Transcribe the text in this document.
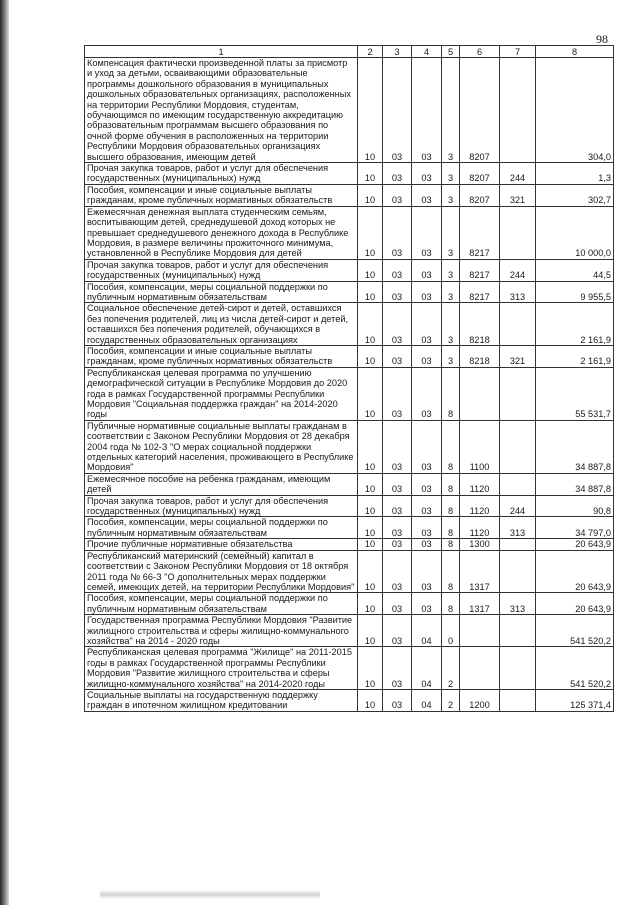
98
1	2	3	4	5	6	7	8
Компенсация фактически произведенной платы за присмотр и уход за детьми, осваивающими образовательные программы дошкольного образования в муниципальных дошкольных образовательных организациях, расположенных на территории Республики Мордовия, студентам, обучающимся по имеющим государственную аккредитацию образовательным программам высшего образования по очной форме обучения в расположенных на территории Республики Мордовия образовательных организациях высшего образования, имеющим детей	10	03	03	3	8207		304,0
Прочая закупка товаров, работ и услуг для обеспечения государственных (муниципальных) нужд	10	03	03	3	8207	244	1,3
Пособия, компенсации и иные социальные выплаты гражданам, кроме публичных нормативных обязательств	10	03	03	3	8207	321	302,7
Ежемесячная денежная выплата студенческим семьям, воспитывающим детей, среднедушевой доход которых не превышает среднедушевого денежного дохода в Республике Мордовия, в размере величины прожиточного минимума, установленной в Республике Мордовия для детей	10	03	03	3	8217		10 000,0
Прочая закупка товаров, работ и услуг для обеспечения государственных (муниципальных) нужд	10	03	03	3	8217	244	44,5
Пособия, компенсации, меры социальной поддержки по публичным нормативным обязательствам	10	03	03	3	8217	313	9 955,5
Социальное обеспечение детей-сирот и детей, оставшихся без попечения родителей, лиц из числа детей-сирот и детей, оставшихся без попечения родителей, обучающихся в государственных образовательных организациях	10	03	03	3	8218		2 161,9
Пособия, компенсации и иные социальные выплаты гражданам, кроме публичных нормативных обязательств	10	03	03	3	8218	321	2 161,9
Республиканская целевая программа по улучшению демографической ситуации в Республике Мордовия до 2020 года в рамках Государственной программы Республики Мордовия "Социальная поддержка граждан" на 2014-2020 годы	10	03	03	8			55 531,7
Публичные нормативные социальные выплаты гражданам в соответствии с Законом Республики Мордовия от 28 декабря 2004 года № 102-З "О мерах социальной поддержки отдельных категорий населения, проживающего в Республике Мордовия"	10	03	03	8	1100		34 887,8
Ежемесячное пособие на ребенка гражданам, имеющим детей	10	03	03	8	1120		34 887,8
Прочая закупка товаров, работ и услуг для обеспечения государственных (муниципальных) нужд	10	03	03	8	1120	244	90,8
Пособия, компенсации, меры социальной поддержки по публичным нормативным обязательствам	10	03	03	8	1120	313	34 797,0
Прочие публичные нормативные обязательства	10	03	03	8	1300		20 643,9
Республиканский материнский (семейный) капитал в соответствии с Законом Республики Мордовия от 18 октября 2011 года № 66-З "О дополнительных мерах поддержки семей, имеющих детей, на территории Республики Мордовия"	10	03	03	8	1317		20 643,9
Пособия, компенсации, меры социальной поддержки по публичным нормативным обязательствам	10	03	03	8	1317	313	20 643,9
Государственная программа Республики Мордовия "Развитие жилищного строительства и сферы жилищно-коммунального хозяйства" на 2014 - 2020 годы	10	03	04	0			541 520,2
Республиканская целевая программа "Жилище" на 2011-2015 годы в рамках Государственной программы Республики Мордовия "Развитие жилищного строительства и сферы жилищно-коммунального хозяйства" на 2014-2020 годы	10	03	04	2			541 520,2
Социальные выплаты на государственную поддержку граждан в ипотечном жилищном кредитовании	10	03	04	2	1200		125 371,4
